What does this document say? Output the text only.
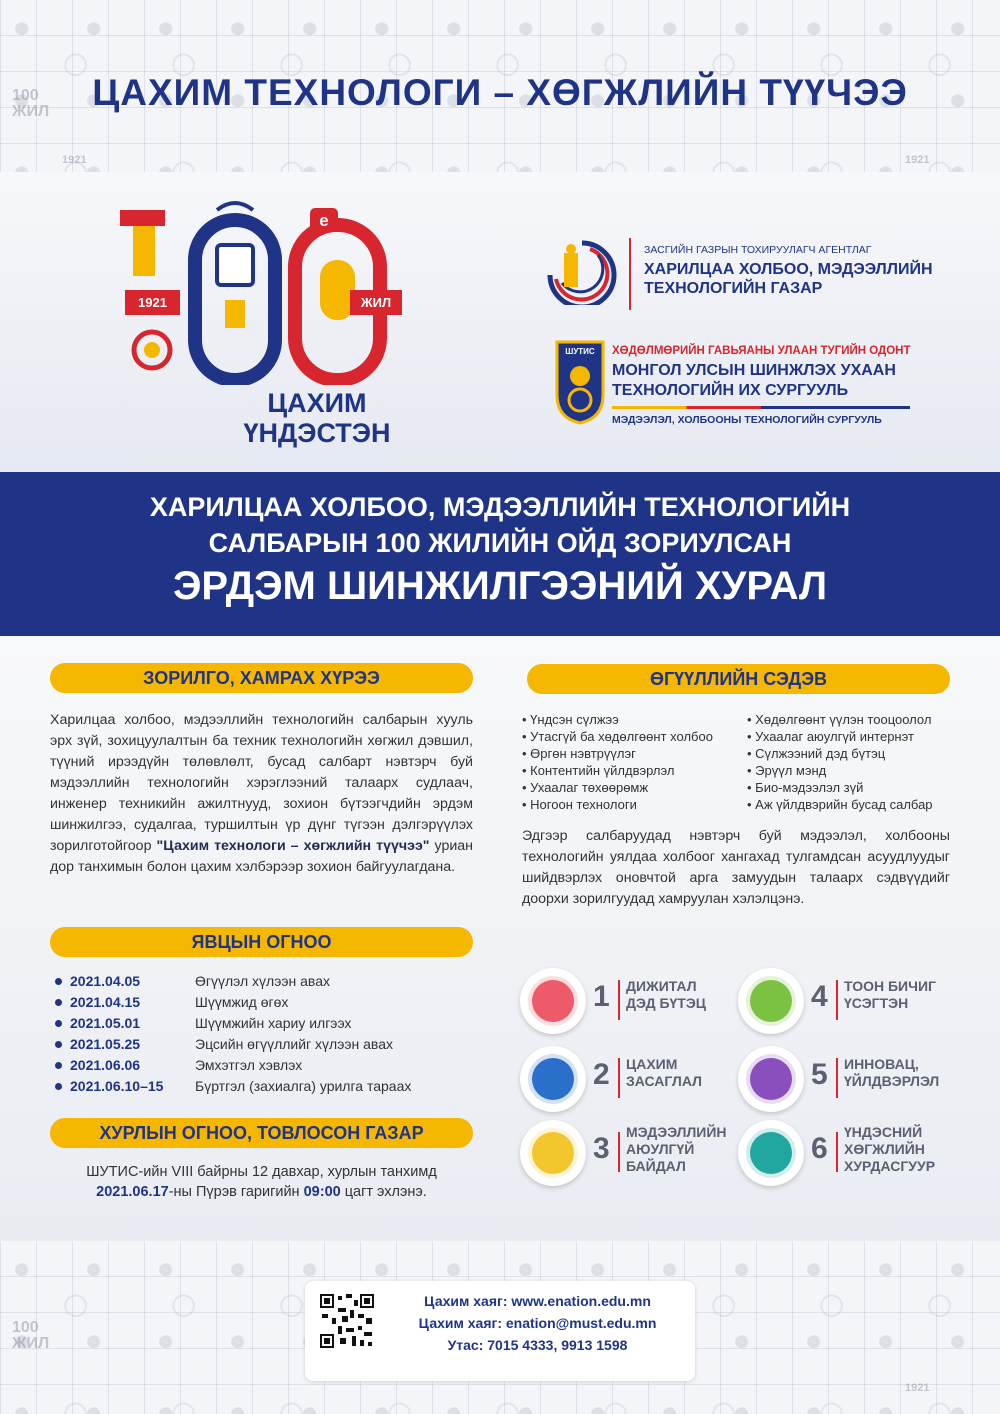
100
ЖИЛ
1921	1921
ЦАХИМ ТЕХНОЛОГИ – ХӨГЖЛИЙН ТҮҮЧЭЭ
1921
e
ЖИЛ
ЦАХИМ
ҮНДЭСТЭН
ЗАСГИЙН ГАЗРЫН ТОХИРУУЛАГЧ АГЕНТЛАГ
ХАРИЛЦАА ХОЛБОО, МЭДЭЭЛЛИЙН
ТЕХНОЛОГИЙН ГАЗАР
ШУТИС ХӨДӨЛМӨРИЙН ГАВЬЯАНЫ УЛААН ТУГИЙН ОДОНТ
МОНГОЛ УЛСЫН ШИНЖЛЭХ УХААН
ТЕХНОЛОГИЙН ИХ СУРГУУЛЬ
МЭДЭЭЛЭЛ, ХОЛБООНЫ ТЕХНОЛОГИЙН СУРГУУЛЬ
ХАРИЛЦАА ХОЛБОО, МЭДЭЭЛЛИЙН ТЕХНОЛОГИЙН
САЛБАРЫН 100 ЖИЛИЙН ОЙД ЗОРИУЛСАН
ЭРДЭМ ШИНЖИЛГЭЭНИЙ ХУРАЛ
ЗОРИЛГО, ХАМРАХ ХҮРЭЭ

Харилцаа холбоо, мэдээллийн технологийн салбарын хууль эрх зүй, зохицуулалтын ба техник технологийн хөгжил дэвшил, түүний ирээдүйн төлөвлөлт, бусад салбарт нэвтэрч буй мэдээллийн технологийн хэрэглээний талаарх судлаач, инженер техникийн ажилтнууд, зохион бүтээгчдийн эрдэм шинжилгээ, судалгаа, туршилтын үр дүнг түгээн дэлгэрүүлэх зорилготойгоор "Цахим технологи – хөгжлийн түүчээ" уриан дор танхимын болон цахим хэлбэрээр зохион байгуулагдана.

ЯВЦЫН ОГНОО
2021.04.05	Өгүүлэл хүлээн авах
2021.04.15	Шүүмжид өгөх
2021.05.01	Шүүмжийн хариу илгээх
2021.05.25	Эцсийн өгүүллийг хүлээн авах
2021.06.06	Эмхэтгэл хэвлэх
2021.06.10–15 Бүртгэл (захиалга) урилга тараах
ХУРЛЫН ОГНОО, ТОВЛОСОН ГАЗАР
ШУТИС-ийн VIII байрны 12 давхар, хурлын танхимд
2021.06.17-ны Пүрэв гаригийн 09:00 цагт эхлэнэ.
ӨГҮҮЛЛИЙН СЭДЭВ
• Үндсэн сүлжээ
• Утасгүй ба хөдөлгөөнт холбоо
• Өргөн нэвтрүүлэг
• Контентийн үйлдвэрлэл
• Ухаалаг төхөөрөмж
• Ногоон технологи
• Хөдөлгөөнт үүлэн тооцоолол
• Ухаалаг аюулгүй интернэт
• Сүлжээний дэд бүтэц
• Эрүүл мэнд
• Био-мэдээлэл зүй
• Аж үйлдвэрийн бусад салбар

Эдгээр салбаруудад нэвтэрч буй мэдээлэл, холбооны технологийн уялдаа холбоог хангахад тулгамдсан асуудлуудыг шийдвэрлэх оновчтой арга замуудын талаарх сэдвүүдийг доорхи зорилгуудад хамруулан хэлэлцэнэ.

1 ДИЖИТАЛ
ДЭД БҮТЭЦ
2 ЦАХИМ
ЗАСАГЛАЛ
3 МЭДЭЭЛЛИЙН
АЮУЛГҮЙ
БАЙДАЛ
4 ТООН БИЧИГ
ҮСЭГТЭН
5 ИННОВАЦ,
ҮЙЛДВЭРЛЭЛ
6 ҮНДЭСНИЙ
ХӨГЖЛИЙН
ХУРДАСГУУР
100
ЖИЛ
1921
Цахим хаяг: www.enation.edu.mn
Цахим хаяг: enation@must.edu.mn
Утас: 7015 4333, 9913 1598
